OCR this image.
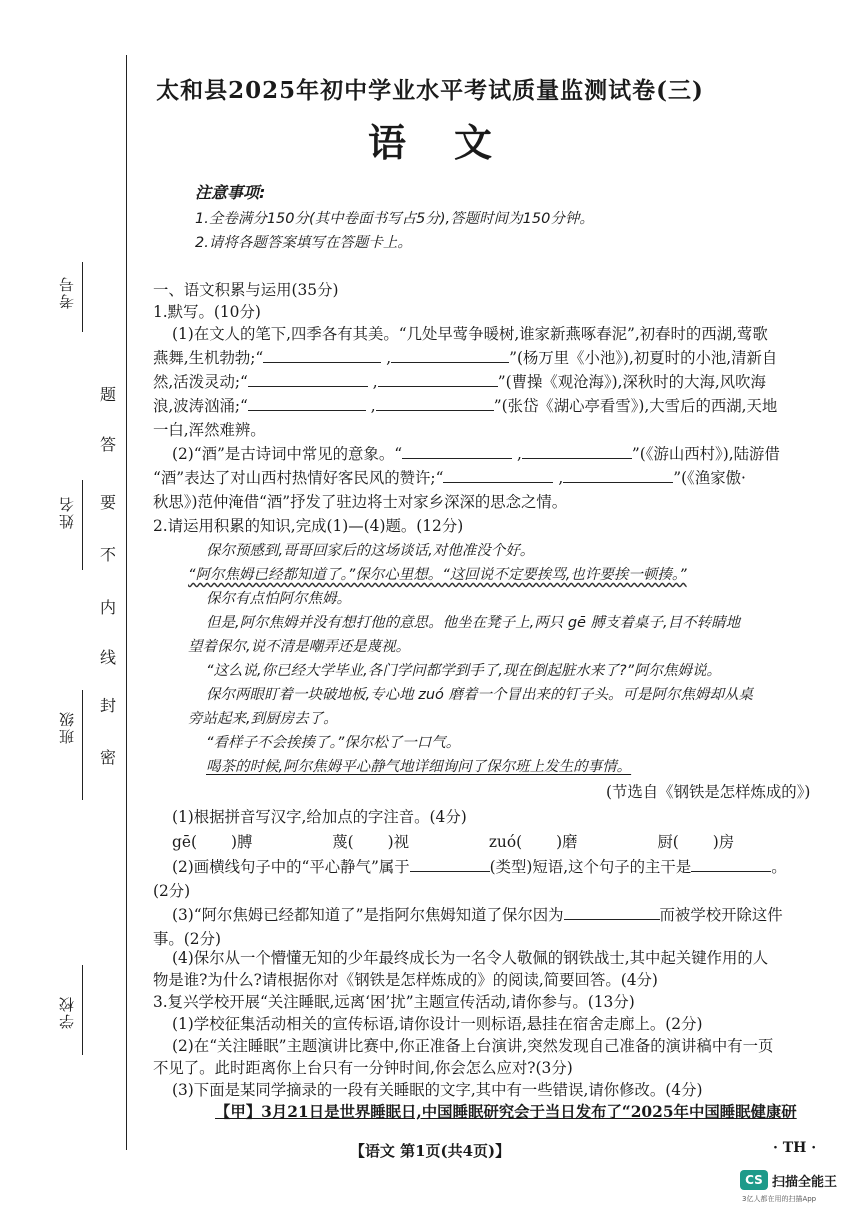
考号
姓名
班级
学校
题
答
要
不
内
线
封
密
太和县2025年初中学业水平考试质量监测试卷(三)
语文
注意事项:
1.全卷满分150分(其中卷面书写占5分),答题时间为150分钟。
2.请将各题答案填写在答题卡上。
一、语文积累与运用(35分)
1.默写。(10分)
(1)在文人的笔下,四季各有其美。“几处早莺争暖树,谁家新燕啄春泥”,初春时的西湖,莺歌
燕舞,生机勃勃;“	,	”(杨万里《小池》),初夏时的小池,清新自
然,活泼灵动;“	,	”(曹操《观沧海》),深秋时的大海,风吹海
浪,波涛汹涌;“	,	”(张岱《湖心亭看雪》),大雪后的西湖,天地
一白,浑然难辨。
(2)“酒”是古诗词中常见的意象。“	,	”(《游山西村》),陆游借
“酒”表达了对山西村热情好客民风的赞许;“	,	”(《渔家傲·
秋思》)范仲淹借“酒”抒发了驻边将士对家乡深深的思念之情。
2.请运用积累的知识,完成(1)—(4)题。(12分)
保尔预感到,哥哥回家后的这场谈话,对他准没个好。
“阿尔焦姆已经都知道了。”保尔心里想。“这回说不定要挨骂,也许要挨一顿揍。”
保尔有点怕阿尔焦姆。
但是,阿尔焦姆并没有想打他的意思。他坐在凳子上,两只 gē 膊支着桌子,目不转睛地
望着保尔,说不清是嘲弄还是蔑视。
“这么说,你已经大学毕业,各门学问都学到手了,现在倒起脏水来了?”阿尔焦姆说。
保尔两眼盯着一块破地板,专心地 zuó 磨着一个冒出来的钉子头。可是阿尔焦姆却从桌
旁站起来,到厨房去了。
“看样子不会挨揍了。”保尔松了一口气。
喝茶的时候,阿尔焦姆平心静气地详细询问了保尔班上发生的事情。
(节选自《钢铁是怎样炼成的》)
(1)根据拼音写汉字,给加点的字注音。(4分)
gē( )膊	蔑( )视	zuó( )磨	厨( )房
(2)画横线句子中的“平心静气”属于	(类型)短语,这个句子的主干是	。
(2分)
(3)“阿尔焦姆已经都知道了”是指阿尔焦姆知道了保尔因为	而被学校开除这件
事。(2分)
(4)保尔从一个懵懂无知的少年最终成长为一名令人敬佩的钢铁战士,其中起关键作用的人
物是谁?为什么?请根据你对《钢铁是怎样炼成的》的阅读,简要回答。(4分)
3.复兴学校开展“关注睡眠,远离‘困’扰”主题宣传活动,请你参与。(13分)
(1)学校征集活动相关的宣传标语,请你设计一则标语,悬挂在宿舍走廊上。(2分)
(2)在“关注睡眠”主题演讲比赛中,你正准备上台演讲,突然发现自己准备的演讲稿中有一页
不见了。此时距离你上台只有一分钟时间,你会怎么应对?(3分)
【语文 第1页(共4页)】	· TH ·
CS 扫描全能王
3亿人都在用的扫描App
(3)下面是某同学摘录的一段有关睡眠的文字,其中有一些错误,请你修改。(4分)
【甲】3月21日是世界睡眠日,中国睡眠研究会于当日发布了“2025年中国睡眠健康研
